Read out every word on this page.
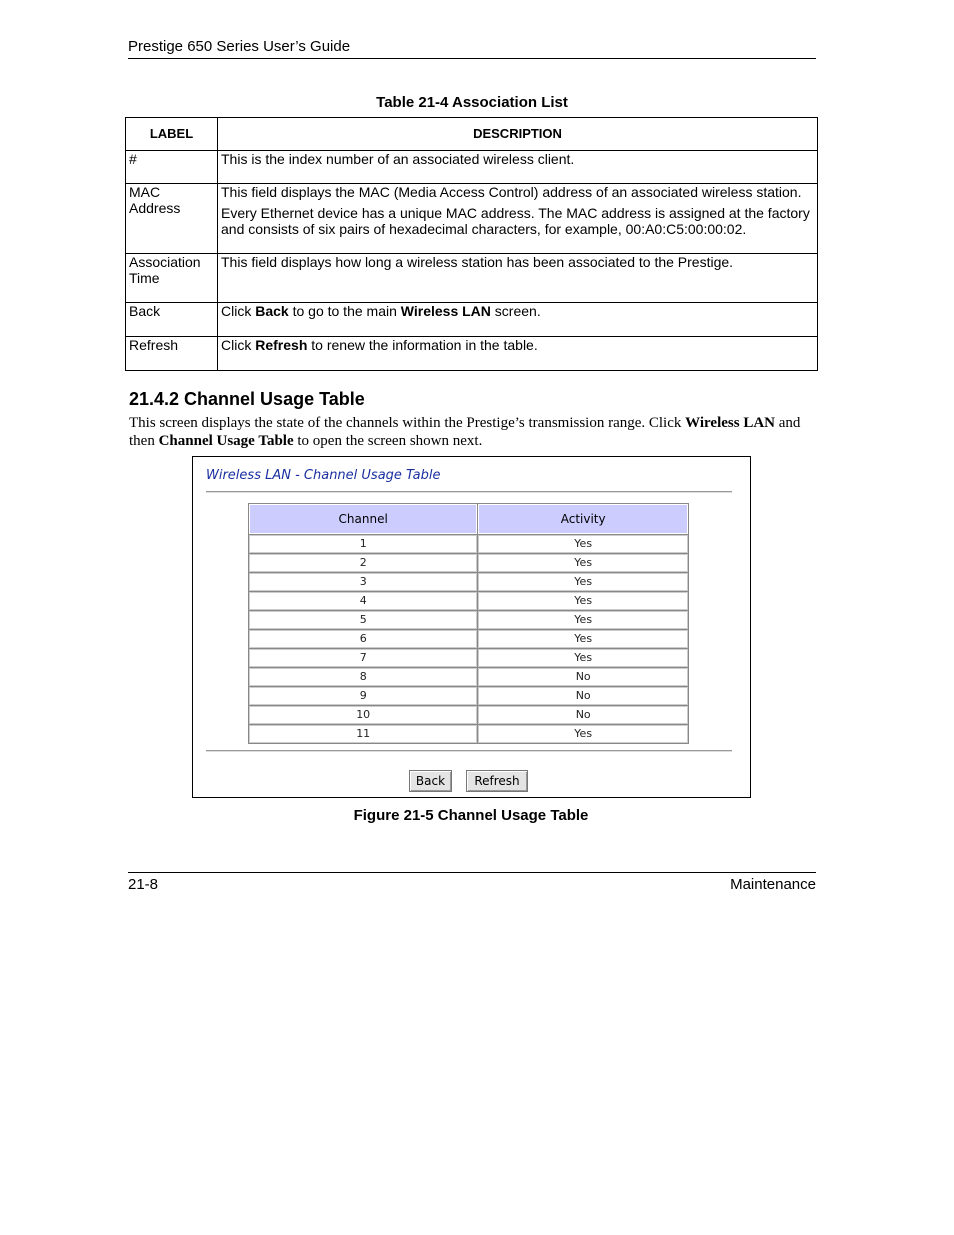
Prestige 650 Series User’s Guide
Table 21-4 Association List
LABEL	DESCRIPTION
#	This is the index number of an associated wireless client.
MAC Address	This field displays the MAC (Media Access Control) address of an associated wireless station.
Every Ethernet device has a unique MAC address. The MAC address is assigned at the factory and consists of six pairs of hexadecimal characters, for example, 00:A0:C5:00:00:02.

Association Time	This field displays how long a wireless station has been associated to the Prestige.
Back	Click Back to go to the main Wireless LAN screen.
Refresh	Click Refresh to renew the information in the table.
21.4.2 Channel Usage Table
This screen displays the state of the channels within the Prestige’s transmission range. Click Wireless LAN and then Channel Usage Table to open the screen shown next.
Wireless LAN - Channel Usage Table
Channel	Activity
1	Yes
2	Yes
3	Yes
4	Yes
5	Yes
6	Yes
7	Yes
8	No
9	No
10	No
11	Yes
Back	Refresh
Figure 21-5 Channel Usage Table
21-8	Maintenance
